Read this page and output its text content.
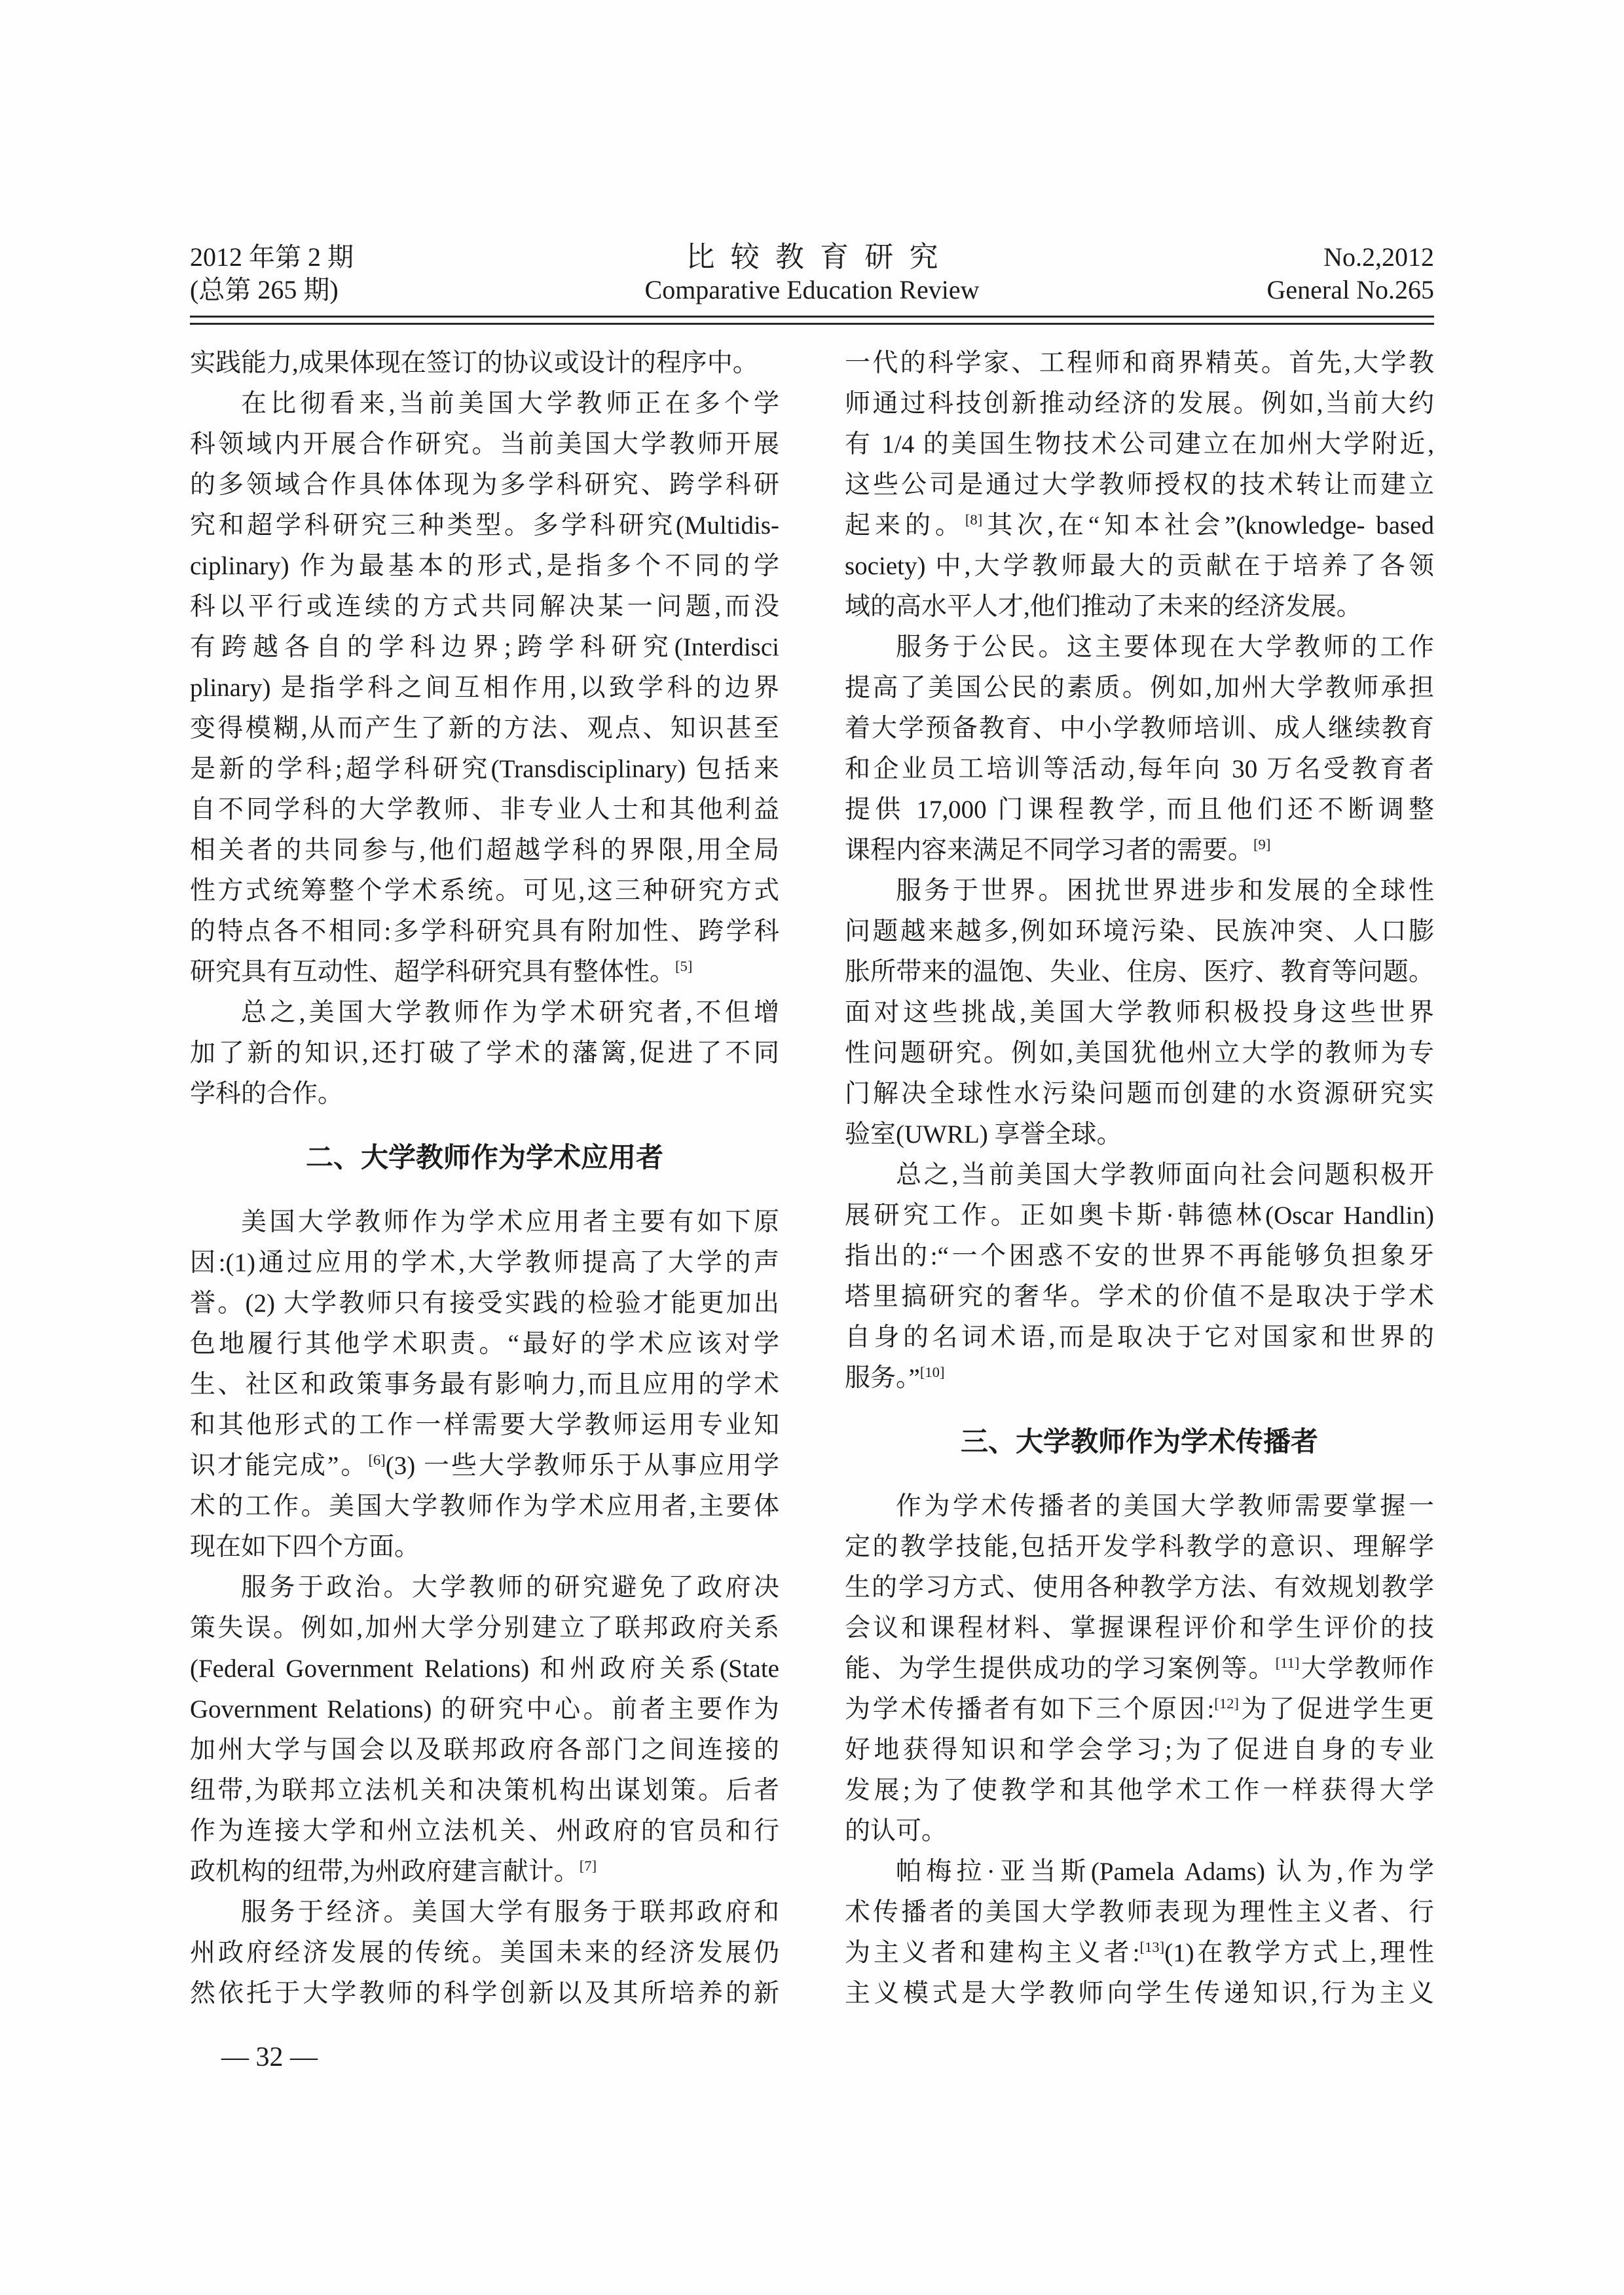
2012 年第 2 期
(总第 265 期)
比较教育研究
Comparative Education Review
No.2,2012
General No.265
实践能力,成果体现在签订的协议或设计的程序中。
在比彻看来,当前美国大学教师正在多个学
科领域内开展合作研究。当前美国大学教师开展
的多领域合作具体体现为多学科研究、跨学科研
究和超学科研究三种类型。多学科研究(Multidis-
ciplinary) 作为最基本的形式,是指多个不同的学
科以平行或连续的方式共同解决某一问题,而没
有跨越各自的学科边界;跨学科研究(Interdisci
plinary) 是指学科之间互相作用,以致学科的边界
变得模糊,从而产生了新的方法、观点、知识甚至
是新的学科;超学科研究(Transdisciplinary) 包括来
自不同学科的大学教师、非专业人士和其他利益
相关者的共同参与,他们超越学科的界限,用全局
性方式统筹整个学术系统。可见,这三种研究方式
的特点各不相同:多学科研究具有附加性、跨学科
研究具有互动性、超学科研究具有整体性。[5]
总之,美国大学教师作为学术研究者,不但增
加了新的知识,还打破了学术的藩篱,促进了不同
学科的合作。
二、大学教师作为学术应用者
美国大学教师作为学术应用者主要有如下原
因:(1)通过应用的学术,大学教师提高了大学的声
誉。(2) 大学教师只有接受实践的检验才能更加出
色地履行其他学术职责。“最好的学术应该对学
生、社区和政策事务最有影响力,而且应用的学术
和其他形式的工作一样需要大学教师运用专业知
识才能完成”。[6](3) 一些大学教师乐于从事应用学
术的工作。美国大学教师作为学术应用者,主要体
现在如下四个方面。
服务于政治。大学教师的研究避免了政府决
策失误。例如,加州大学分别建立了联邦政府关系
(Federal Government Relations) 和州政府关系(State
Government Relations) 的研究中心。前者主要作为
加州大学与国会以及联邦政府各部门之间连接的
纽带,为联邦立法机关和决策机构出谋划策。后者
作为连接大学和州立法机关、州政府的官员和行
政机构的纽带,为州政府建言献计。[7]
服务于经济。美国大学有服务于联邦政府和
州政府经济发展的传统。美国未来的经济发展仍
然依托于大学教师的科学创新以及其所培养的新
一代的科学家、工程师和商界精英。首先,大学教
师通过科技创新推动经济的发展。例如,当前大约
有 1/4 的美国生物技术公司建立在加州大学附近,
这些公司是通过大学教师授权的技术转让而建立
起来的。[8]其次,在“知本社会”(knowledge- based
society) 中,大学教师最大的贡献在于培养了各领
域的高水平人才,他们推动了未来的经济发展。
服务于公民。这主要体现在大学教师的工作
提高了美国公民的素质。例如,加州大学教师承担
着大学预备教育、中小学教师培训、成人继续教育
和企业员工培训等活动,每年向 30 万名受教育者
提供 17,000 门课程教学, 而且他们还不断调整
课程内容来满足不同学习者的需要。[9]
服务于世界。困扰世界进步和发展的全球性
问题越来越多,例如环境污染、民族冲突、人口膨
胀所带来的温饱、失业、住房、医疗、教育等问题。
面对这些挑战,美国大学教师积极投身这些世界
性问题研究。例如,美国犹他州立大学的教师为专
门解决全球性水污染问题而创建的水资源研究实
验室(UWRL) 享誉全球。
总之,当前美国大学教师面向社会问题积极开
展研究工作。正如奥卡斯·韩德林(Oscar Handlin)
指出的:“一个困惑不安的世界不再能够负担象牙
塔里搞研究的奢华。学术的价值不是取决于学术
自身的名词术语,而是取决于它对国家和世界的
服务。”[10]
三、大学教师作为学术传播者
作为学术传播者的美国大学教师需要掌握一
定的教学技能,包括开发学科教学的意识、理解学
生的学习方式、使用各种教学方法、有效规划教学
会议和课程材料、掌握课程评价和学生评价的技
能、为学生提供成功的学习案例等。[11]大学教师作
为学术传播者有如下三个原因:[12]为了促进学生更
好地获得知识和学会学习;为了促进自身的专业
发展;为了使教学和其他学术工作一样获得大学
的认可。
帕梅拉·亚当斯(Pamela Adams) 认为,作为学
术传播者的美国大学教师表现为理性主义者、行
为主义者和建构主义者:[13](1)在教学方式上,理性
主义模式是大学教师向学生传递知识,行为主义
— 32 —
